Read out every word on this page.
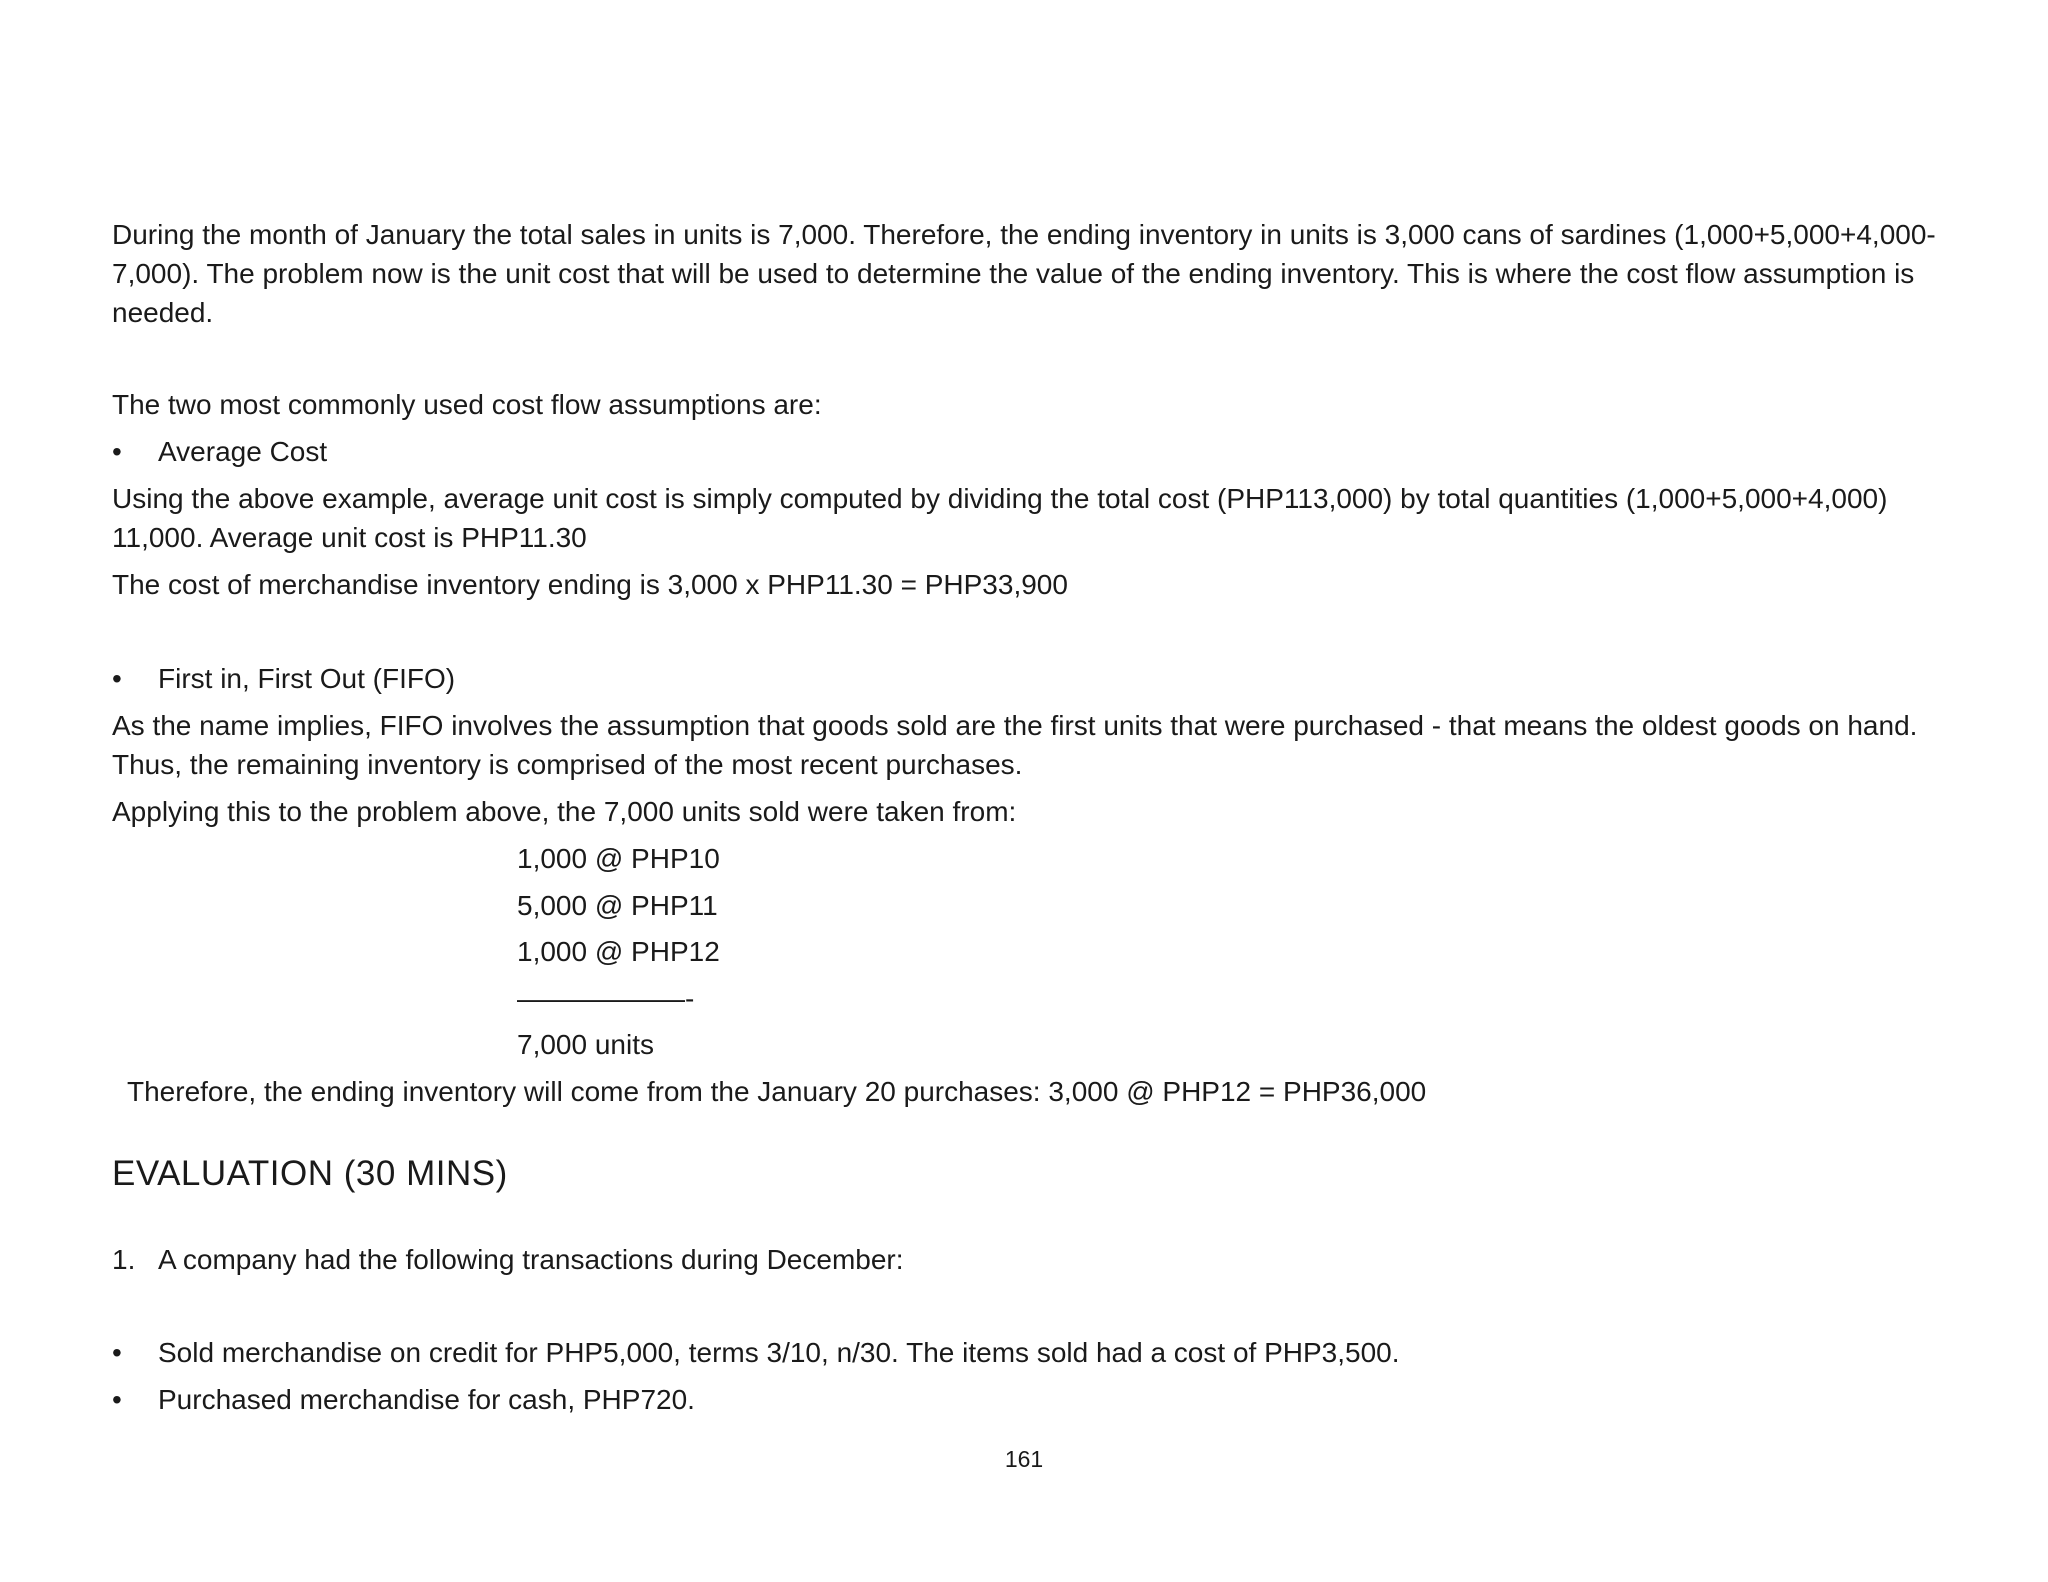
During the month of January the total sales in units is 7,000. Therefore, the ending inventory in units is 3,000 cans of sardines (1,000+5,000+4,000-7,000). The problem now is the unit cost that will be used to determine the value of the ending inventory. This is where the cost flow assumption is needed.

The two most commonly used cost flow assumptions are:

• Average Cost

Using the above example, average unit cost is simply computed by dividing the total cost (PHP113,000) by total quantities (1,000+5,000+4,000) 11,000. Average unit cost is PHP11.30

The cost of merchandise inventory ending is 3,000 x PHP11.30 = PHP33,900

• First in, First Out (FIFO)

As the name implies, FIFO involves the assumption that goods sold are the first units that were purchased - that means the oldest goods on hand. Thus, the remaining inventory is comprised of the most recent purchases.

Applying this to the problem above, the 7,000 units sold were taken from:

1,000 @ PHP10

5,000 @ PHP11

1,000 @ PHP12

——————-

7,000 units

Therefore, the ending inventory will come from the January 20 purchases: 3,000 @ PHP12 = PHP36,000

EVALUATION (30 MINS)
1. A company had the following transactions during December:
• Sold merchandise on credit for PHP5,000, terms 3/10, n/30. The items sold had a cost of PHP3,500.
• Purchased merchandise for cash, PHP720.
161
